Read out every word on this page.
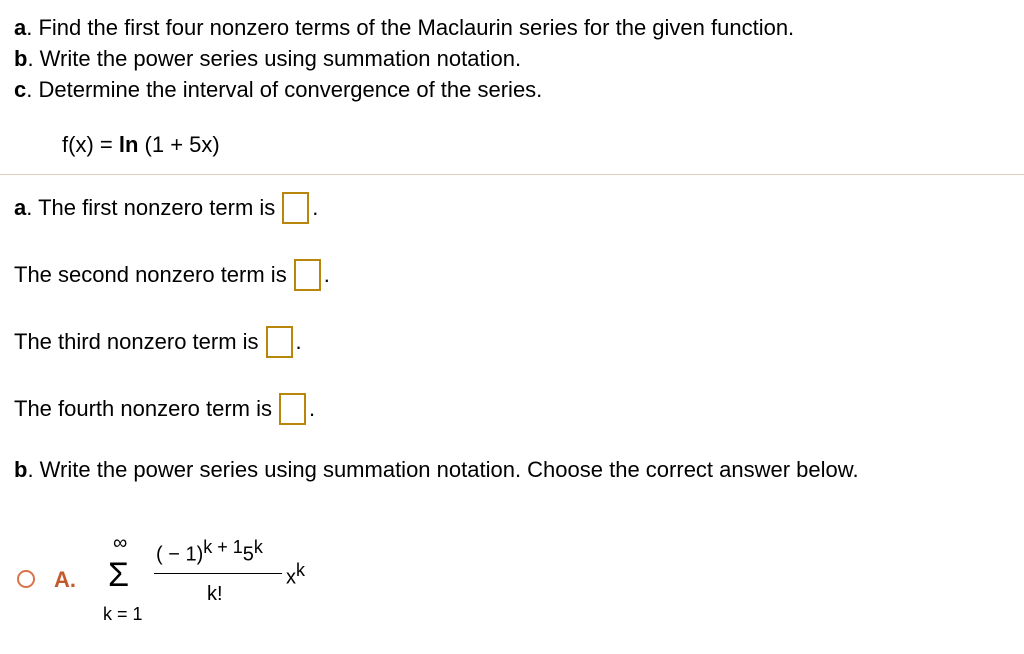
a. Find the first four nonzero terms of the Maclaurin series for the given function.
b. Write the power series using summation notation.
c. Determine the interval of convergence of the series.
f(x) = ln (1 + 5x)
a . The first nonzero term is .
The second nonzero term is .
The third nonzero term is .
The fourth nonzero term is .
b . Write the power series using summation notation. Choose the correct answer below.
A.
∞
Σ
k = 1
( − $1)^{k + 1}5^k$
k!
$x^k$
